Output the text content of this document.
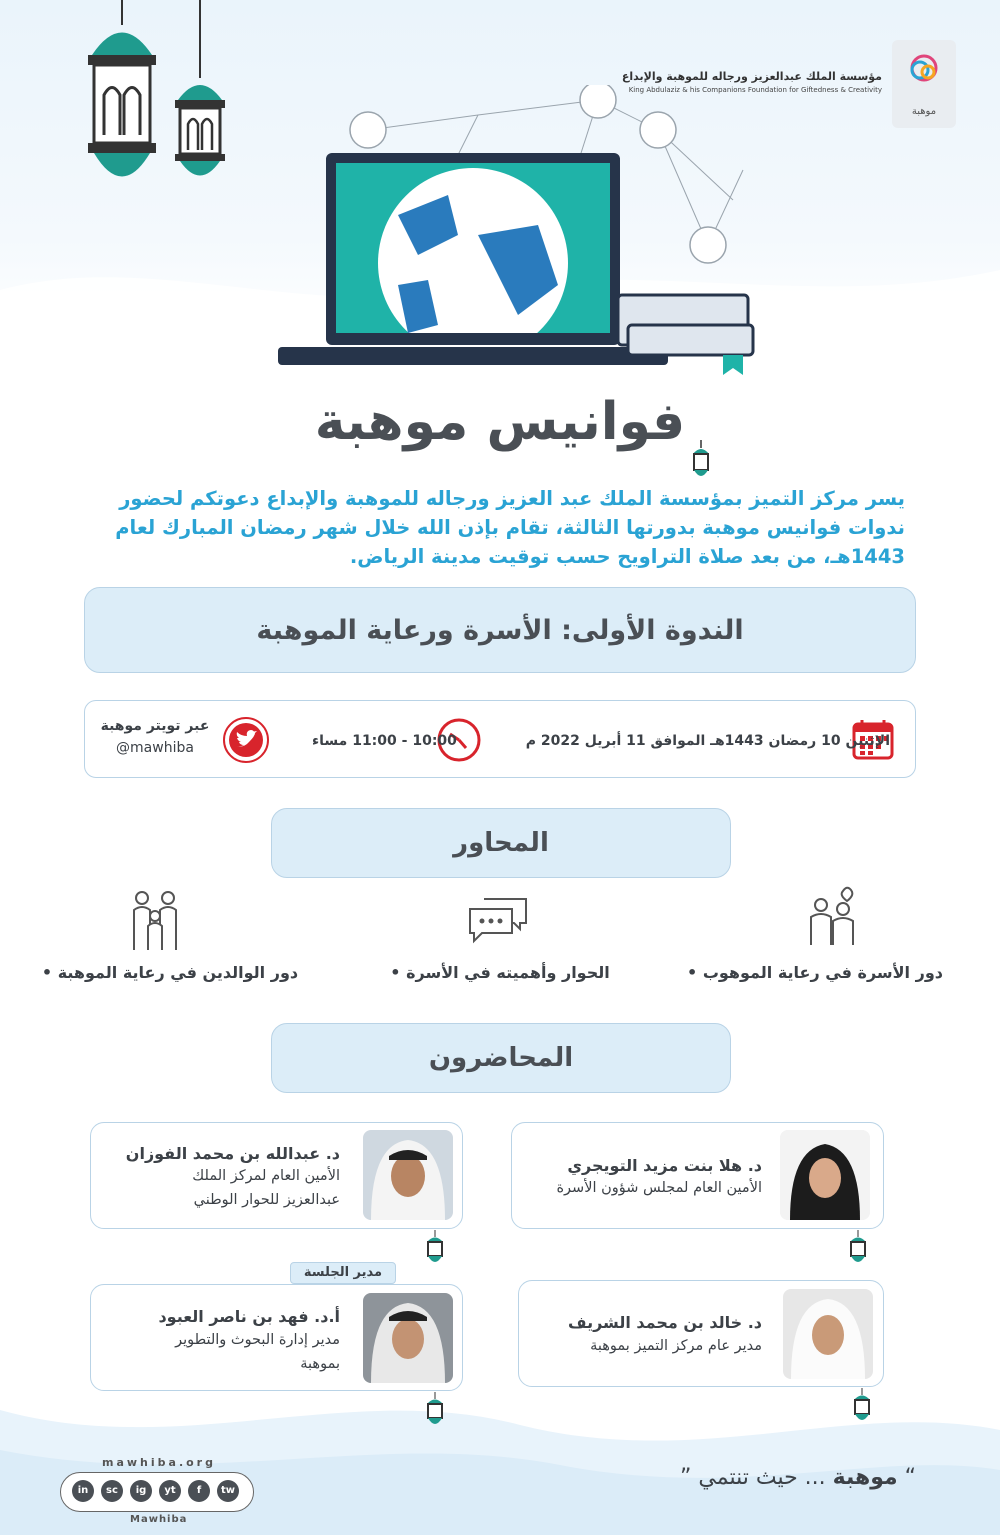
موهبة
مؤسسة الملك عبدالعزيز ورجاله للموهبة والإبداع
King Abdulaziz & his Companions Foundation for Giftedness & Creativity
فوانيس موهبة
يسر مركز التميز بمؤسسة الملك عبد العزيز ورجاله للموهبة والإبداع دعوتكم لحضور ندوات فوانيس موهبة بدورتها الثالثة، تقام بإذن الله خلال شهر رمضان المبارك لعام 1443هـ، من بعد صلاة التراويح حسب توقيت مدينة الرياض.
الندوة الأولى: الأسرة ورعاية الموهبة
الإثنين 10 رمضان 1443هـ الموافق 11 أبريل 2022 م
10:00 - 11:00 مساء
عبر تويتر موهبة
@mawhiba
المحاور
دور الأسرة في رعاية الموهوب •
الحوار وأهميته في الأسرة •
دور الوالدين في رعاية الموهبة •
المحاضرون
د. هلا بنت مزيد التويجري
الأمين العام لمجلس شؤون الأسرة
د. عبدالله بن محمد الفوزان
الأمين العام لمركز الملك
عبدالعزيز للحوار الوطني
د. خالد بن محمد الشريف
مدير عام مركز التميز بموهبة
مدير الجلسة
أ.د. فهد بن ناصر العبود
مدير إدارة البحوث والتطوير
بموهبة
mawhiba.org
in	sc	ig	yt	f	tw
Mawhiba
“ موهبة ... حيث تنتمي ”
